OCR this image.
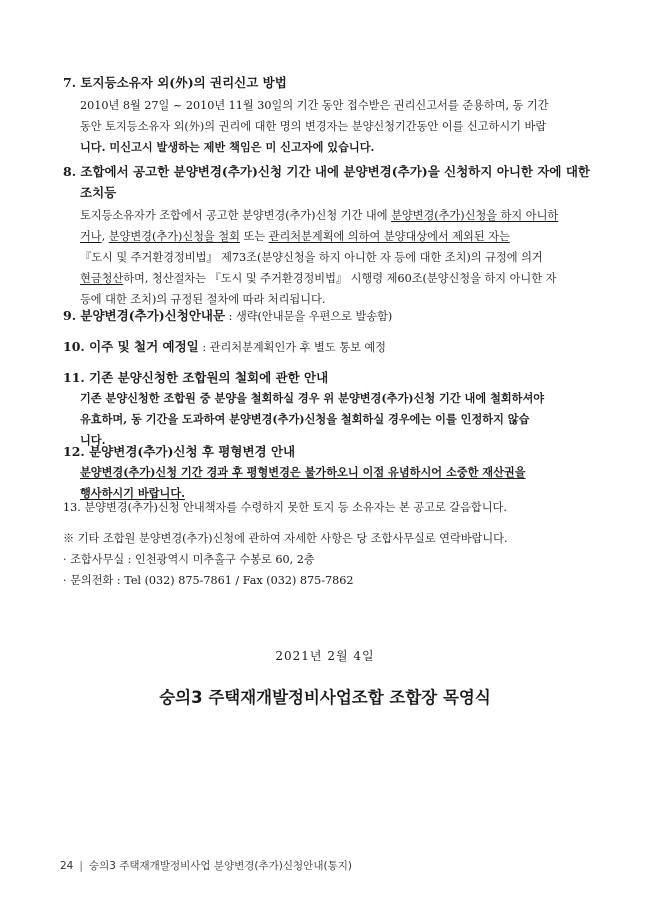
7. 토지등소유자 외(外)의 권리신고 방법

2010년 8월 27일 ~ 2010년 11월 30일의 기간 동안 접수받은 권리신고서를 준용하며, 동 기간
동안 토지등소유자 외(外)의 권리에 대한 명의 변경자는 분양신청기간동안 이를 신고하시기 바랍
니다. 미신고시 발생하는 제반 책임은 미 신고자에 있습니다.

8. 조합에서 공고한 분양변경(추가)신청 기간 내에 분양변경(추가)을 신청하지 아니한 자에 대한

조치등

토지등소유자가 조합에서 공고한 분양변경(추가)신청 기간 내에 분양변경(추가)신청을 하지 아니하
거나, 분양변경(추가)신청을 철회 또는 관리처분계획에 의하여 분양대상에서 제외된 자는
『도시 및 주거환경정비법』 제73조(분양신청을 하지 아니한 자 등에 대한 조치)의 규정에 의거
현금청산하며, 청산절차는 『도시 및 주거환경정비법』 시행령 제60조(분양신청을 하지 아니한 자
등에 대한 조치)의 규정된 절차에 따라 처리됩니다.

9. 분양변경(추가)신청안내문 : 생략(안내문을 우편으로 발송함)

10. 이주 및 철거 예정일 : 관리처분계획인가 후 별도 통보 예정

11. 기존 분양신청한 조합원의 철회에 관한 안내

기존 분양신청한 조합원 중 분양을 철회하실 경우 위 분양변경(추가)신청 기간 내에 철회하셔야
유효하며, 동 기간을 도과하여 분양변경(추가)신청을 철회하실 경우에는 이를 인정하지 않습
니다.

12. 분양변경(추가)신청 후 평형변경 안내

분양변경(추가)신청 기간 경과 후 평형변경은 불가하오니 이점 유념하시어 소중한 재산권을
행사하시기 바랍니다.

13. 분양변경(추가)신청 안내책자를 수령하지 못한 토지 등 소유자는 본 공고로 갈음합니다.

※ 기타 조합원 분양변경(추가)신청에 관하여 자세한 사항은 당 조합사무실로 연락바랍니다.
· 조합사무실 : 인천광역시 미추홀구 수봉로 60, 2층
· 문의전화 : Tel (032) 875-7861 / Fax (032) 875-7862
2021년 2월 4일
숭의3 주택재개발정비사업조합 조합장 목영식
24 | 숭의3 주택재개발정비사업 분양변경(추가)신청안내(통지)
